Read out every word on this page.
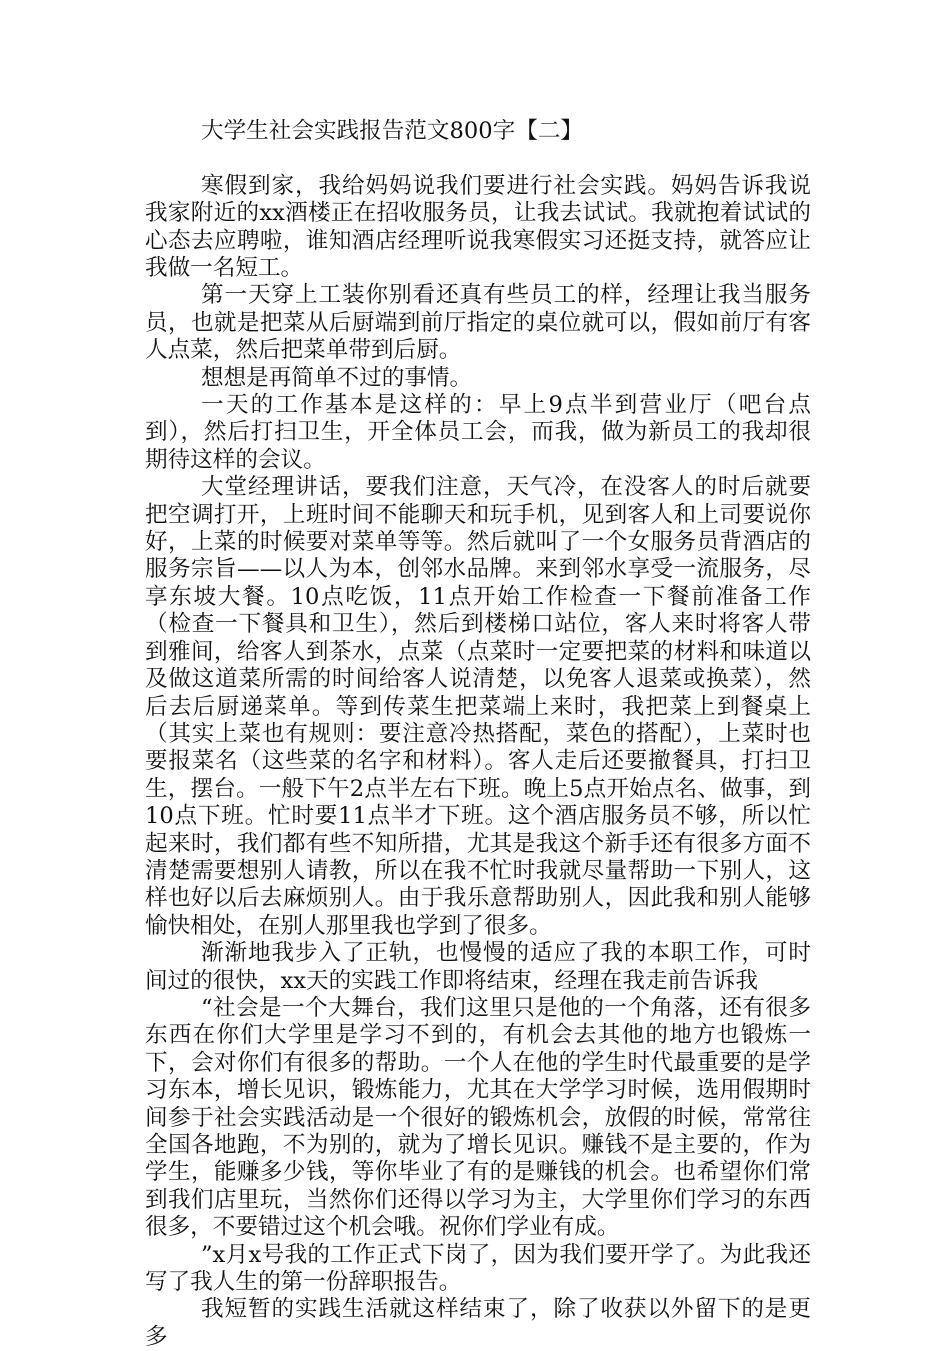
大学生社会实践报告范文800字【二】

寒假到家，我给妈妈说我们要进行社会实践。妈妈告诉我说我家附近的xx酒楼正在招收服务员，让我去试试。我就抱着试试的心态去应聘啦，谁知酒店经理听说我寒假实习还挺支持，就答应让我做一名短工。

第一天穿上工装你别看还真有些员工的样，经理让我当服务员，也就是把菜从后厨端到前厅指定的桌位就可以，假如前厅有客人点菜，然后把菜单带到后厨。

想想是再简单不过的事情。

一天的工作基本是这样的：早上9点半到营业厅（吧台点到），然后打扫卫生，开全体员工会，而我，做为新员工的我却很期待这样的会议。

大堂经理讲话，要我们注意，天气冷，在没客人的时后就要把空调打开，上班时间不能聊天和玩手机，见到客人和上司要说你好，上菜的时候要对菜单等等。然后就叫了一个女服务员背酒店的服务宗旨——以人为本，创邻水品牌。来到邻水享受一流服务，尽享东坡大餐。10点吃饭，11点开始工作检查一下餐前准备工作（检查一下餐具和卫生），然后到楼梯口站位，客人来时将客人带到雅间，给客人到茶水，点菜（点菜时一定要把菜的材料和味道以及做这道菜所需的时间给客人说清楚，以免客人退菜或换菜），然后去后厨递菜单。等到传菜生把菜端上来时，我把菜上到餐桌上（其实上菜也有规则：要注意冷热搭配，菜色的搭配），上菜时也要报菜名（这些菜的名字和材料）。客人走后还要撤餐具，打扫卫生，摆台。一般下午2点半左右下班。晚上5点开始点名、做事，到10点下班。忙时要11点半才下班。这个酒店服务员不够，所以忙起来时，我们都有些不知所措，尤其是我这个新手还有很多方面不清楚需要想别人请教，所以在我不忙时我就尽量帮助一下别人，这样也好以后去麻烦别人。由于我乐意帮助别人，因此我和别人能够愉快相处，在别人那里我也学到了很多。

渐渐地我步入了正轨，也慢慢的适应了我的本职工作，可时间过的很快，xx天的实践工作即将结束，经理在我走前告诉我

“社会是一个大舞台，我们这里只是他的一个角落，还有很多东西在你们大学里是学习不到的，有机会去其他的地方也锻炼一下，会对你们有很多的帮助。一个人在他的学生时代最重要的是学习东本，增长见识，锻炼能力，尤其在大学学习时候，选用假期时间参于社会实践活动是一个很好的锻炼机会，放假的时候，常常往全国各地跑，不为别的，就为了增长见识。赚钱不是主要的，作为学生，能赚多少钱，等你毕业了有的是赚钱的机会。也希望你们常到我们店里玩，当然你们还得以学习为主，大学里你们学习的东西很多，不要错过这个机会哦。祝你们学业有成。

”x月x号我的工作正式下岗了，因为我们要开学了。为此我还写了我人生的第一份辞职报告。

我短暂的实践生活就这样结束了，除了收获以外留下的是更多
